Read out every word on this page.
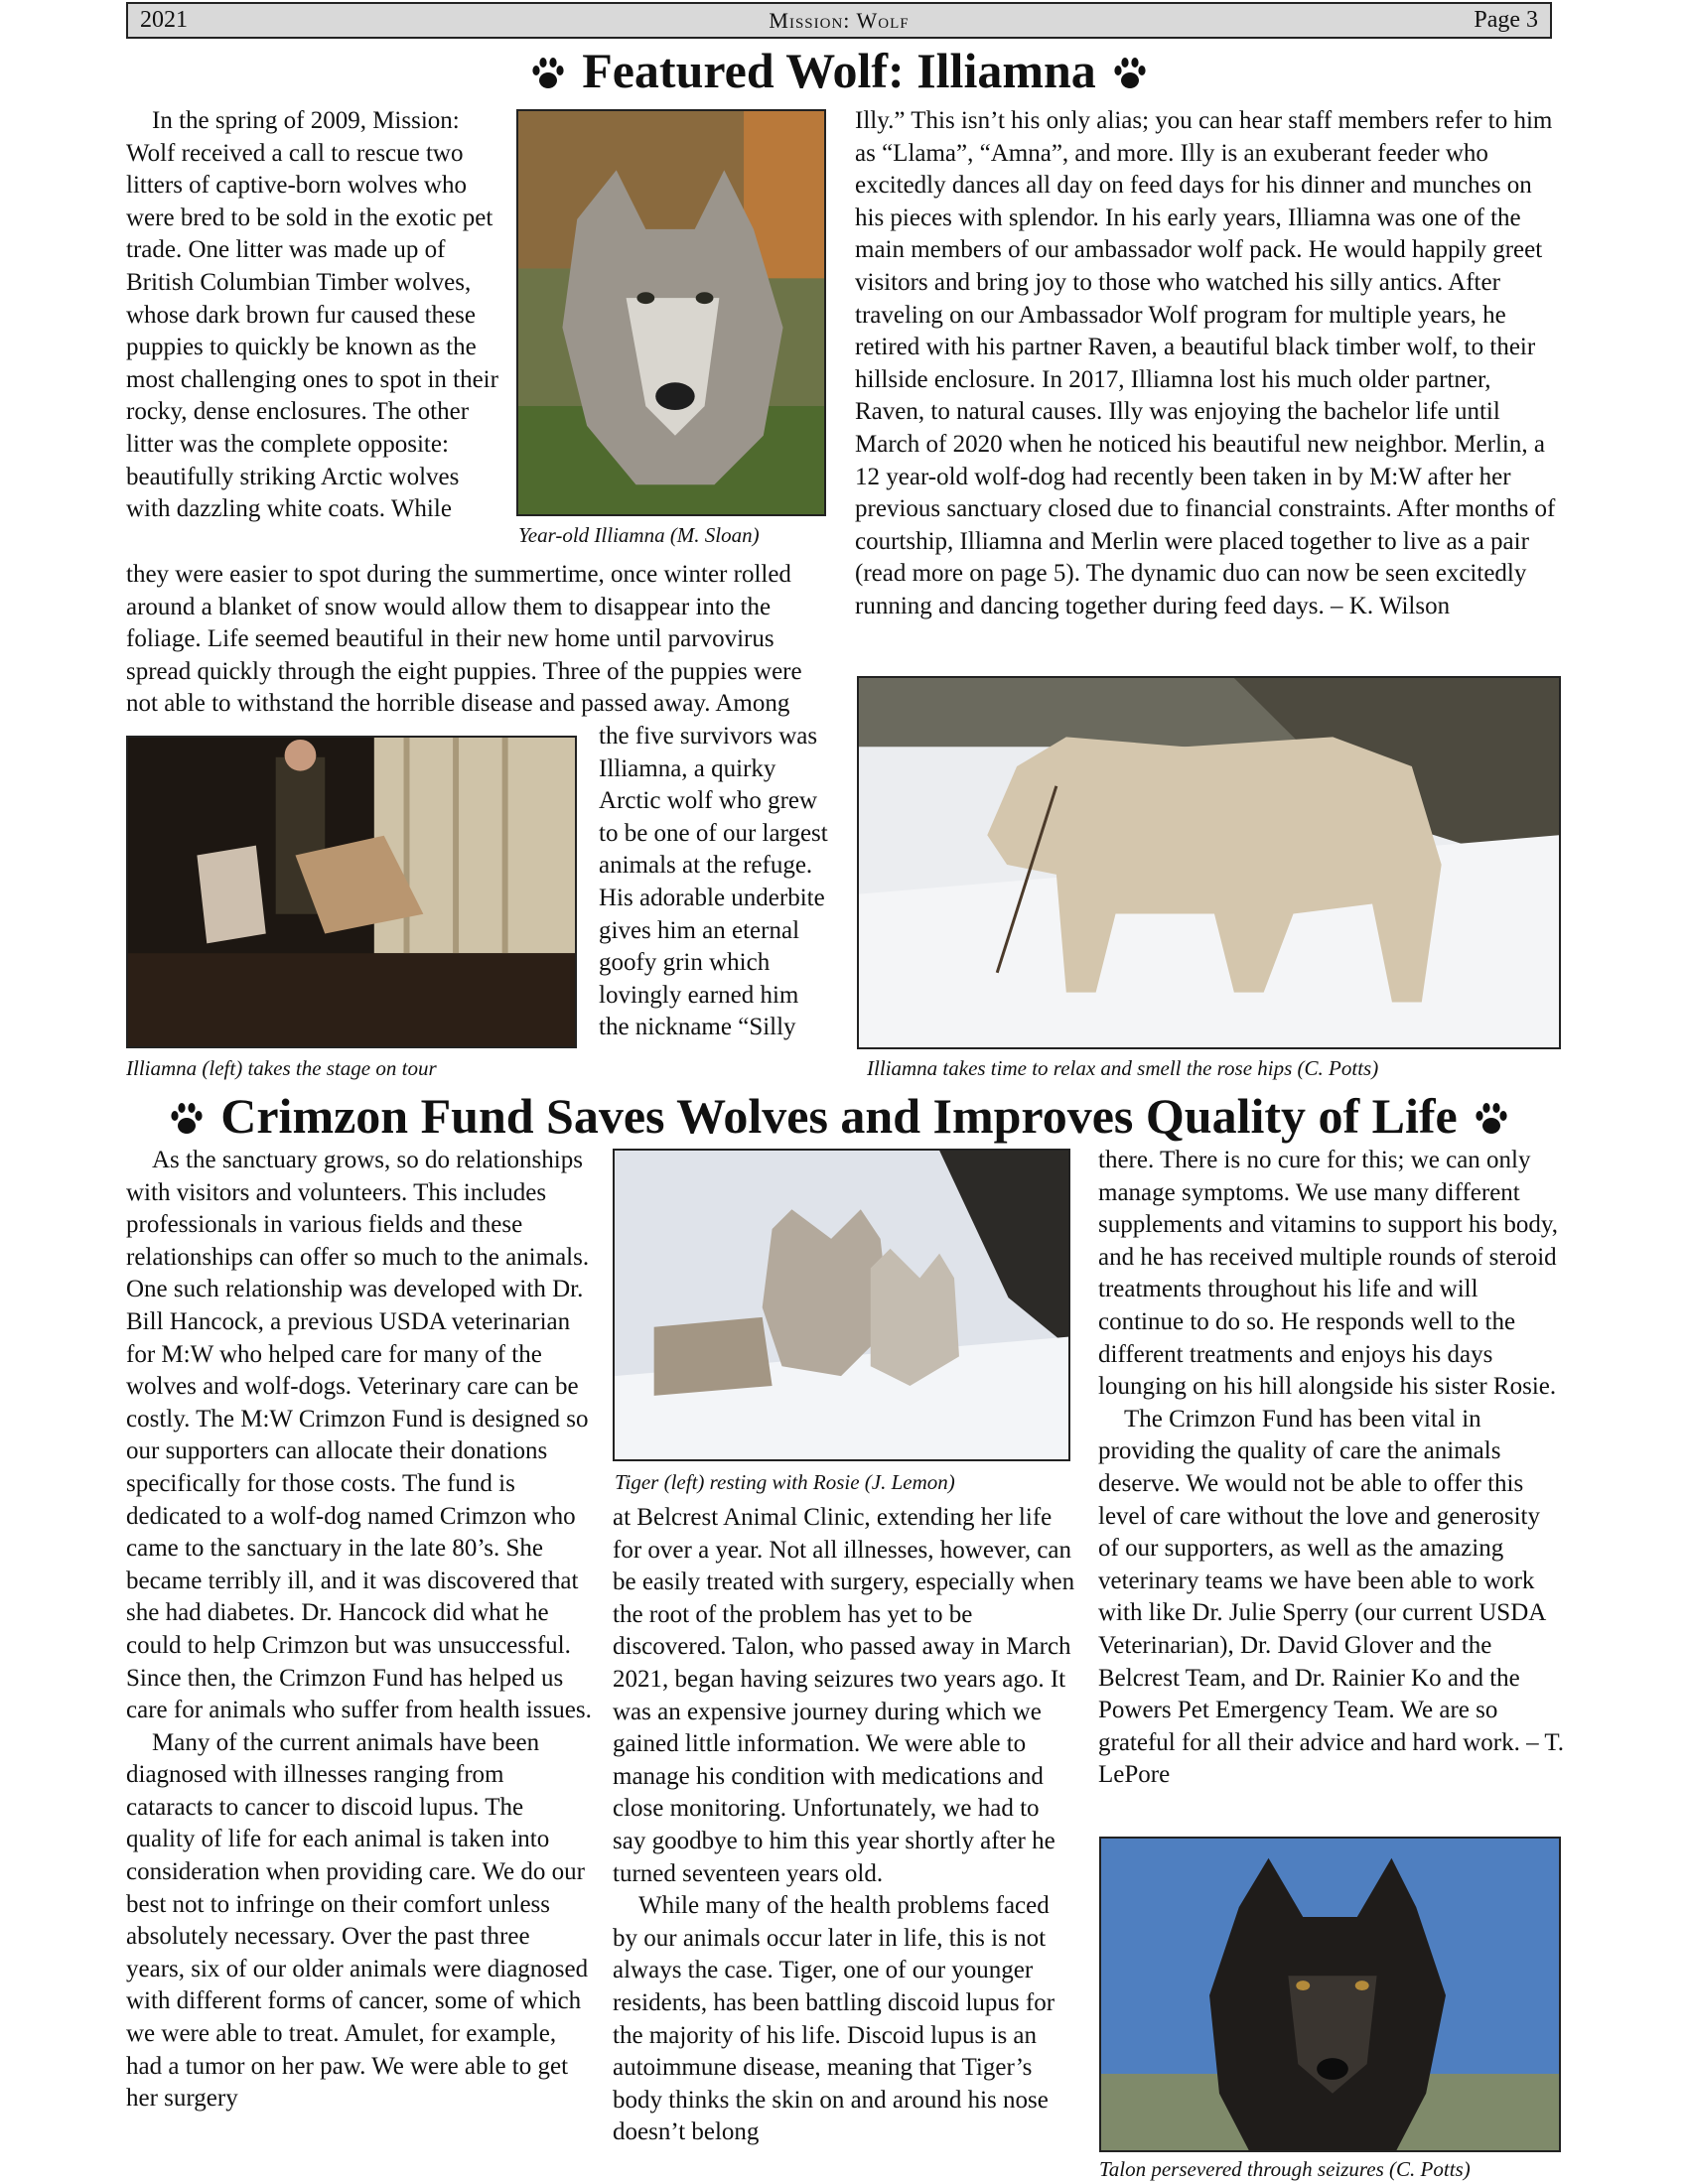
2021	Mission: Wolf	Page 3
Featured Wolf: Illiamna
Year-old Illiamna (M. Sloan)

In the spring of 2009, Mission: Wolf received a call to rescue two litters of captive-born wolves who were bred to be sold in the exotic pet trade. One litter was made up of British Columbian Timber wolves, whose dark brown fur caused these puppies to quickly be known as the most challenging ones to spot in their rocky, dense enclosures. The other litter was the complete opposite: beautifully striking Arctic wolves with dazzling white coats. While

they were easier to spot during the summertime, once winter rolled around a blanket of snow would allow them to disappear into the foliage. Life seemed beautiful in their new home until parvovirus spread quickly through the eight puppies. Three of the puppies were not able to withstand the horrible disease and passed away. Among

Illiamna (left) takes the stage on tour

the five survivors was Illiamna, a quirky Arctic wolf who grew to be one of our largest animals at the refuge. His adorable underbite gives him an eternal goofy grin which lovingly earned him the nickname “Silly

Illy.” This isn’t his only alias; you can hear staff members refer to him as “Llama”, “Amna”, and more. Illy is an exuberant feeder who excitedly dances all day on feed days for his dinner and munches on his pieces with splendor. In his early years, Illiamna was one of the main members of our ambassador wolf pack. He would happily greet visitors and bring joy to those who watched his silly antics. After traveling on our Ambassador Wolf program for multiple years, he retired with his partner Raven, a beautiful black timber wolf, to their hillside enclosure. In 2017, Illiamna lost his much older partner, Raven, to natural causes. Illy was enjoying the bachelor life until March of 2020 when he noticed his beautiful new neighbor. Merlin, a 12 year-old wolf-dog had recently been taken in by M:W after her previous sanctuary closed due to financial constraints. After months of courtship, Illiamna and Merlin were placed together to live as a pair (read more on page 5). The dynamic duo can now be seen excitedly running and dancing together during feed days. – K. Wilson

Illiamna takes time to relax and smell the rose hips (C. Potts)
Crimzon Fund Saves Wolves and Improves Quality of Life

As the sanctuary grows, so do relationships with visitors and volunteers. This includes professionals in various fields and these relationships can offer so much to the animals. One such relationship was developed with Dr. Bill Hancock, a previous USDA veterinarian for M:W who helped care for many of the wolves and wolf-dogs. Veterinary care can be costly. The M:W Crimzon Fund is designed so our supporters can allocate their donations specifically for those costs. The fund is dedicated to a wolf-dog named Crimzon who came to the sanctuary in the late 80’s. She became terribly ill, and it was discovered that she had diabetes. Dr. Hancock did what he could to help Crimzon but was unsuccessful. Since then, the Crimzon Fund has helped us care for animals who suffer from health issues.

Many of the current animals have been diagnosed with illnesses ranging from cataracts to cancer to discoid lupus. The quality of life for each animal is taken into consideration when providing care. We do our best not to infringe on their comfort unless absolutely necessary. Over the past three years, six of our older animals were diagnosed with different forms of cancer, some of which we were able to treat. Amulet, for example, had a tumor on her paw. We were able to get her surgery

Tiger (left) resting with Rosie (J. Lemon)

at Belcrest Animal Clinic, extending her life for over a year. Not all illnesses, however, can be easily treated with surgery, especially when the root of the problem has yet to be discovered. Talon, who passed away in March 2021, began having seizures two years ago. It was an expensive journey during which we gained little information. We were able to manage his condition with medications and close monitoring. Unfortunately, we had to say goodbye to him this year shortly after he turned seventeen years old.

While many of the health problems faced by our animals occur later in life, this is not always the case. Tiger, one of our younger residents, has been battling discoid lupus for the majority of his life. Discoid lupus is an autoimmune disease, meaning that Tiger’s body thinks the skin on and around his nose doesn’t belong

there. There is no cure for this; we can only manage symptoms. We use many different supplements and vitamins to support his body, and he has received multiple rounds of steroid treatments throughout his life and will continue to do so. He responds well to the different treatments and enjoys his days lounging on his hill alongside his sister Rosie.

The Crimzon Fund has been vital in providing the quality of care the animals deserve. We would not be able to offer this level of care without the love and generosity of our supporters, as well as the amazing veterinary teams we have been able to work with like Dr. Julie Sperry (our current USDA Veterinarian), Dr. David Glover and the Belcrest Team, and Dr. Rainier Ko and the Powers Pet Emergency Team. We are so grateful for all their advice and hard work. – T. LePore

Talon persevered through seizures (C. Potts)
